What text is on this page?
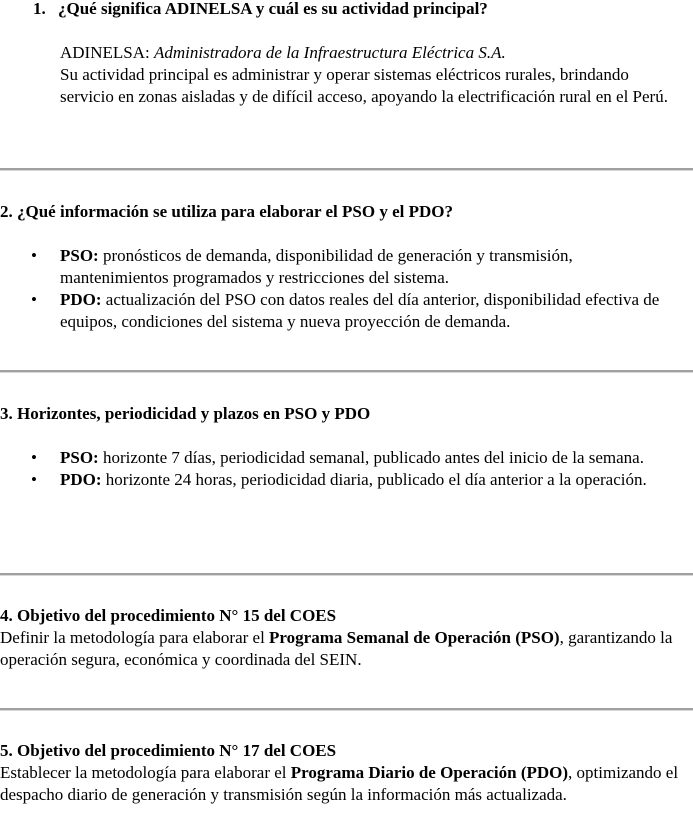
1. ¿Qué significa ADINELSA y cuál es su actividad principal?
ADINELSA: Administradora de la Infraestructura Eléctrica S.A.
Su actividad principal es administrar y operar sistemas eléctricos rurales, brindando servicio en zonas aisladas y de difícil acceso, apoyando la electrificación rural en el Perú.
2. ¿Qué información se utiliza para elaborar el PSO y el PDO?
• PSO: pronósticos de demanda, disponibilidad de generación y transmisión, mantenimientos programados y restricciones del sistema.
• PDO: actualización del PSO con datos reales del día anterior, disponibilidad efectiva de equipos, condiciones del sistema y nueva proyección de demanda.
3. Horizontes, periodicidad y plazos en PSO y PDO
• PSO: horizonte 7 días, periodicidad semanal, publicado antes del inicio de la semana.
• PDO: horizonte 24 horas, periodicidad diaria, publicado el día anterior a la operación.
4. Objetivo del procedimiento N° 15 del COES
Definir la metodología para elaborar el Programa Semanal de Operación (PSO), garantizando la operación segura, económica y coordinada del SEIN.
5. Objetivo del procedimiento N° 17 del COES
Establecer la metodología para elaborar el Programa Diario de Operación (PDO), optimizando el despacho diario de generación y transmisión según la información más actualizada.
